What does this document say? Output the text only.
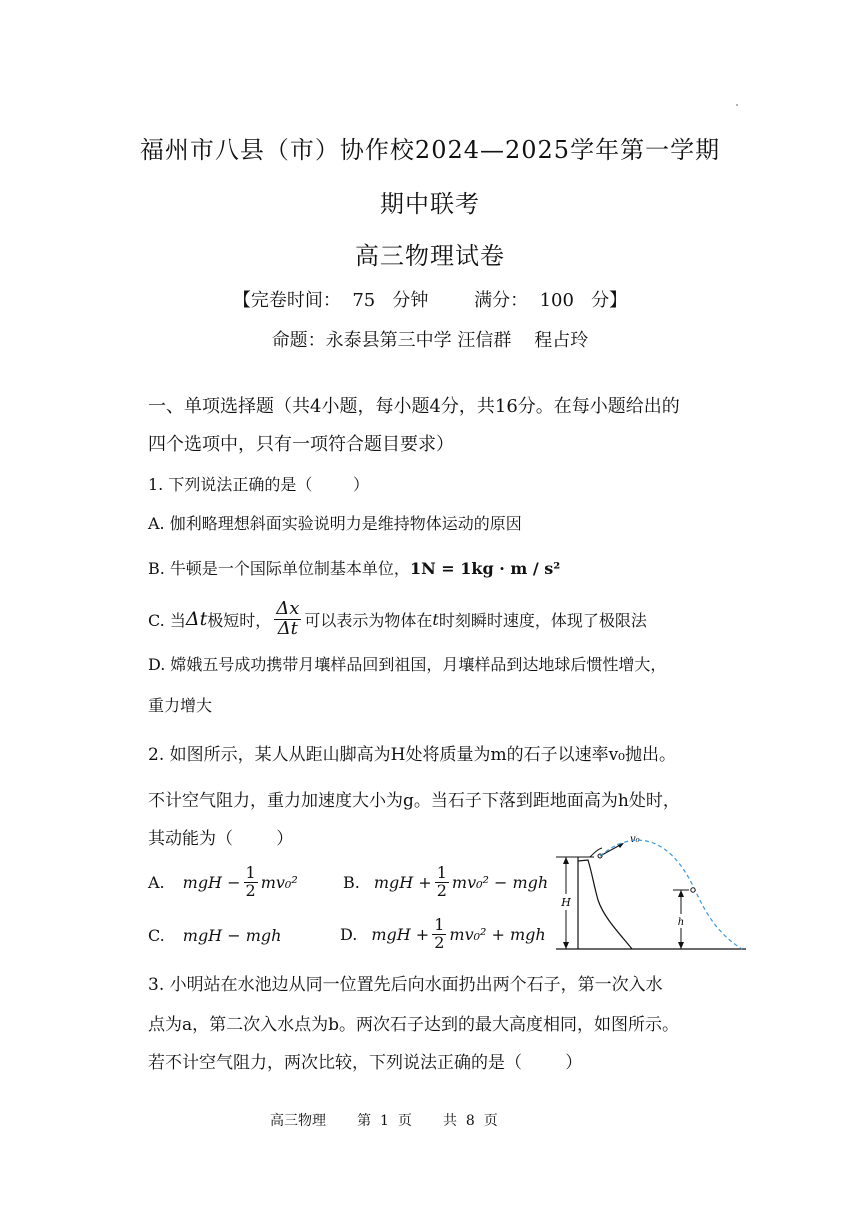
福州市八县（市）协作校2024—2025学年第一学期
期中联考
高三物理试卷
【完卷时间：  75   分钟        满分：  100   分】
命题：永泰县第三中学 汪信群    程占玲
一、单项选择题（共4小题，每小题4分，共16分。在每小题给出的
四个选项中，只有一项符合题目要求）
1. 下列说法正确的是（        ）
A. 伽利略理想斜面实验说明力是维持物体运动的原因
B. 牛顿是一个国际单位制基本单位，1N = 1kg · m / s²
C. 当 Δt 极短时， $\frac{\Delta x}{\Delta t}$ 可以表示为物体在 t 时刻瞬时速度，体现了极限法
D. 嫦娥五号成功携带月壤样品回到祖国，月壤样品到达地球后惯性增大，
重力增大
2. 如图所示，某人从距山脚高为H处将质量为m的石子以速率v₀抛出。
不计空气阻力，重力加速度大小为g。当石子下落到距地面高为h处时，
其动能为（        ）
A. mgH − $\frac{1}{2} mv_0^2$	B. mgH + $\frac{1}{2} mv_0^2$ − mgh
C. mgH − mgh	D. mgH + $\frac{1}{2} mv_0^2$ + mgh
H
v₀
h
3. 小明站在水池边从同一位置先后向水面扔出两个石子，第一次入水
点为a，第二次入水点为b。两次石子达到的最大高度相同，如图所示。
若不计空气阻力，两次比较，下列说法正确的是（        ）
高三物理       第  1  页       共  8  页
